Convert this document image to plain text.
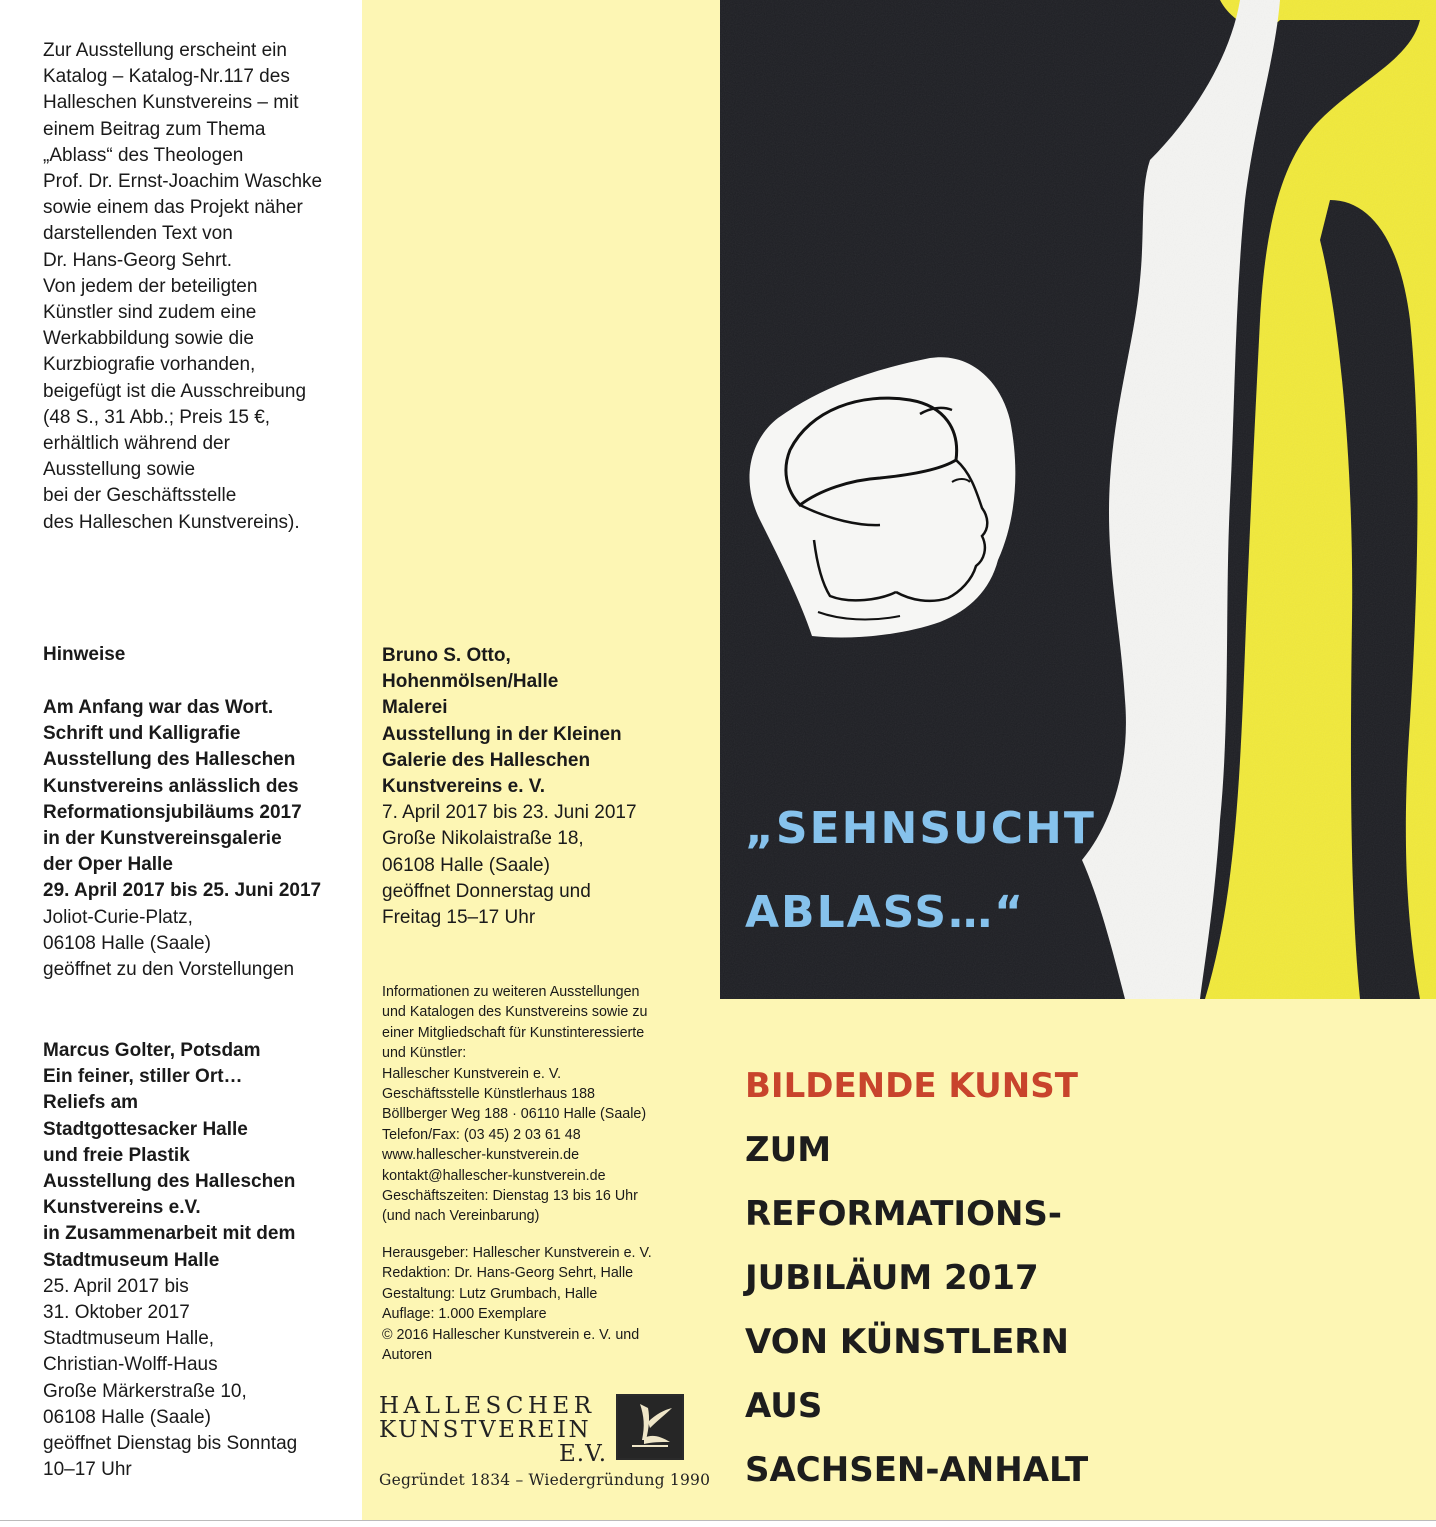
Zur Ausstellung erscheint ein
Katalog – Katalog-Nr.117 des
Halleschen Kunstvereins – mit
einem Beitrag zum Thema
„Ablass“ des Theologen
Prof. Dr. Ernst-Joachim Waschke
sowie einem das Projekt näher
darstellenden Text von
Dr. Hans-Georg Sehrt.
Von jedem der beteiligten
Künstler sind zudem eine
Werkabbildung sowie die
Kurzbiografie vorhanden,
beigefügt ist die Ausschreibung
(48 S., 31 Abb.; Preis 15 €,
erhältlich während der
Ausstellung sowie
bei der Geschäftsstelle
des Halleschen Kunstvereins).
Hinweise
Am Anfang war das Wort.
Schrift und Kalligrafie
Ausstellung des Halleschen
Kunstvereins anlässlich des
Reformationsjubiläums 2017
in der Kunstvereinsgalerie
der Oper Halle
29. April 2017 bis 25. Juni 2017
Joliot-Curie-Platz,
06108 Halle (Saale)
geöffnet zu den Vorstellungen
Marcus Golter, Potsdam
Ein feiner, stiller Ort…
Reliefs am
Stadtgottesacker Halle
und freie Plastik
Ausstellung des Halleschen
Kunstvereins e.V.
in Zusammenarbeit mit dem
Stadtmuseum Halle
25. April 2017 bis
31. Oktober 2017
Stadtmuseum Halle,
Christian-Wolff-Haus
Große Märkerstraße 10,
06108 Halle (Saale)
geöffnet Dienstag bis Sonntag
10–17 Uhr
Bruno S. Otto,
Hohenmölsen/Halle
Malerei
Ausstellung in der Kleinen
Galerie des Halleschen
Kunstvereins e. V.
7. April 2017 bis 23. Juni 2017
Große Nikolaistraße 18,
06108 Halle (Saale)
geöffnet Donnerstag und
Freitag 15–17 Uhr
Informationen zu weiteren Ausstellungen
und Katalogen des Kunstvereins sowie zu
einer Mitgliedschaft für Kunstinteressierte
und Künstler:
Hallescher Kunstverein e. V.
Geschäftsstelle Künstlerhaus 188
Böllberger Weg 188 · 06110 Halle (Saale)
Telefon/Fax: (03 45) 2 03 61 48
www.hallescher-kunstverein.de
kontakt@hallescher-kunstverein.de
Geschäftszeiten: Dienstag 13 bis 16 Uhr
(und nach Vereinbarung)
Herausgeber: Hallescher Kunstverein e. V.
Redaktion: Dr. Hans-Georg Sehrt, Halle
Gestaltung: Lutz Grumbach, Halle
Auflage: 1.000 Exemplare
© 2016 Hallescher Kunstverein e. V. und
Autoren
HALLESCHER
KUNSTVEREIN
E.V.
Gegründet 1834 – Wiedergründung 1990
„SEHNSUCHT
ABLASS…“
BILDENDE KUNST
ZUM
REFORMATIONS-
JUBILÄUM 2017
VON KÜNSTLERN
AUS
SACHSEN-ANHALT
